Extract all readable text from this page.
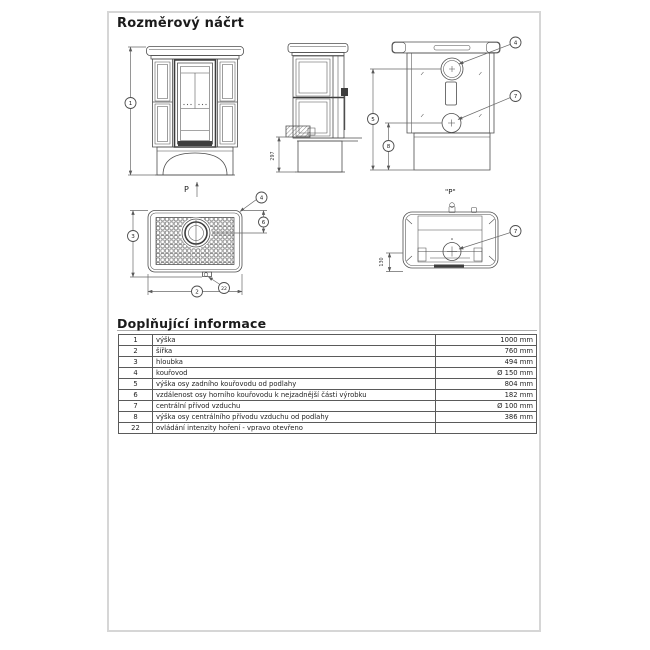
Rozměrový náčrt
1
297
4
7
5
8
P
4
6
3
2	22
"P"
7
130
Doplňující informace
1	výška	1000 mm
2	šířka	760 mm
3	hloubka	494 mm
4	kouřovod	Ø 150 mm
5	výška osy zadního kouřovodu od podlahy	804 mm
6	vzdálenost osy horního kouřovodu k nejzadnější části výrobku	182 mm
7	centrální přívod vzduchu	Ø 100 mm
8	výška osy centrálního přívodu vzduchu od podlahy	386 mm
22	ovládání intenzity hoření - vpravo otevřeno
